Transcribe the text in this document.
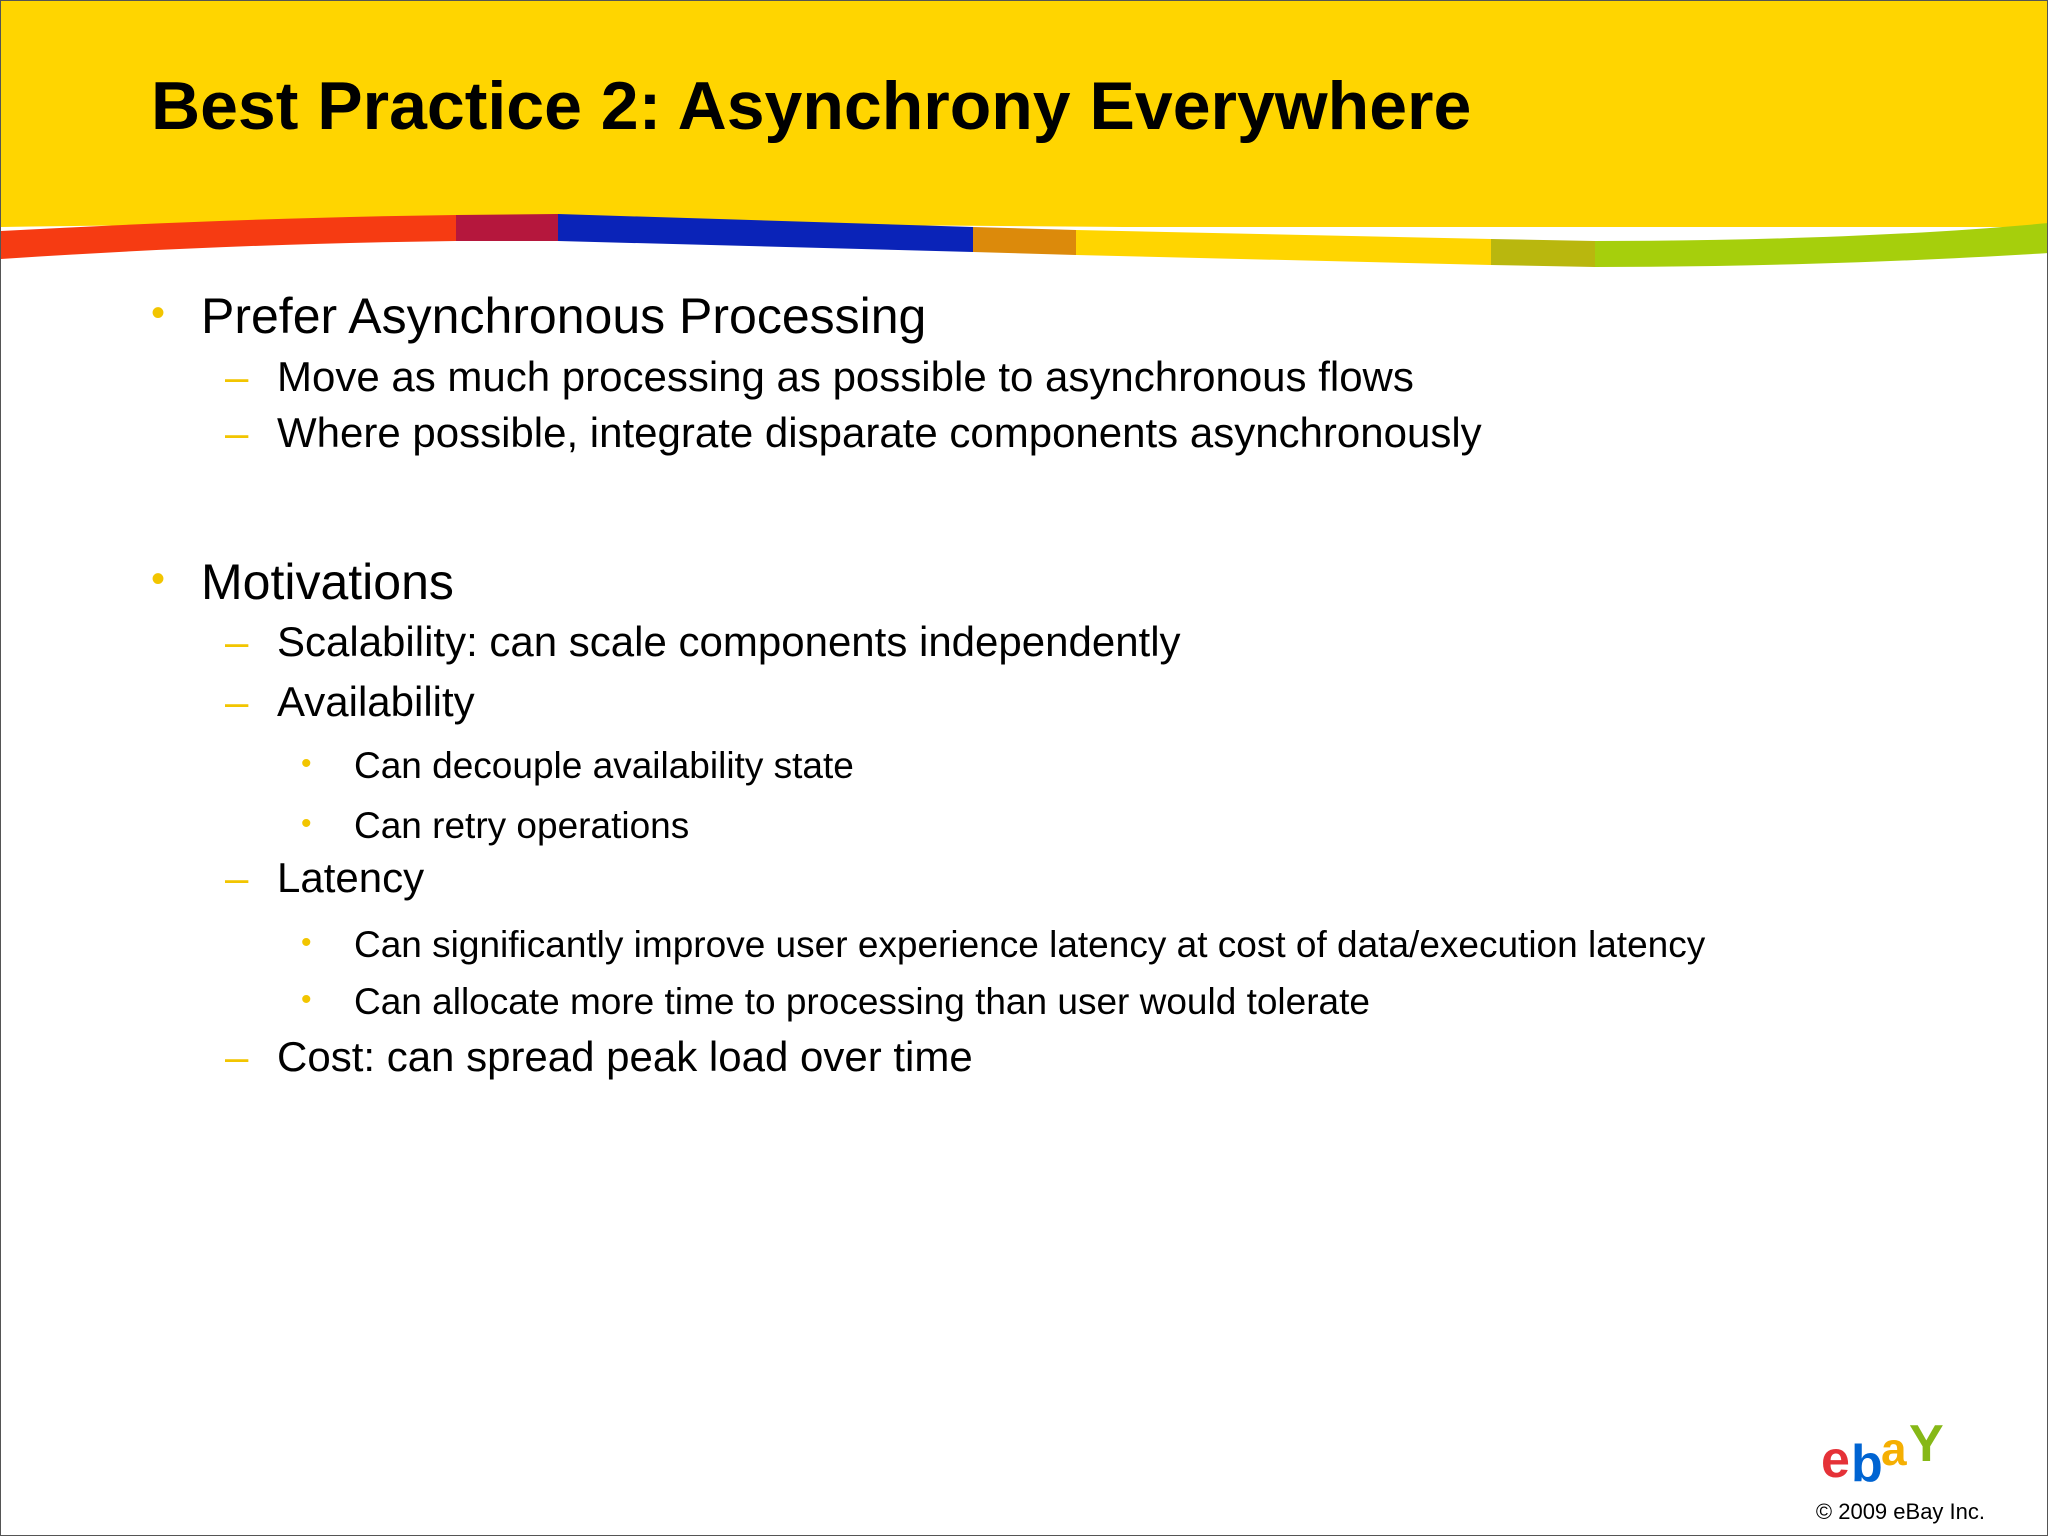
Best Practice 2: Asynchrony Everywhere
• Prefer Asynchronous Processing
– Move as much processing as possible to asynchronous flows
– Where possible, integrate disparate components asynchronously
• Motivations
– Scalability: can scale components independently
– Availability
• Can decouple availability state
• Can retry operations
– Latency
• Can significantly improve user experience latency at cost of data/execution latency
• Can allocate more time to processing than user would tolerate
– Cost: can spread peak load over time
e b
a Y
© 2009 eBay Inc.
